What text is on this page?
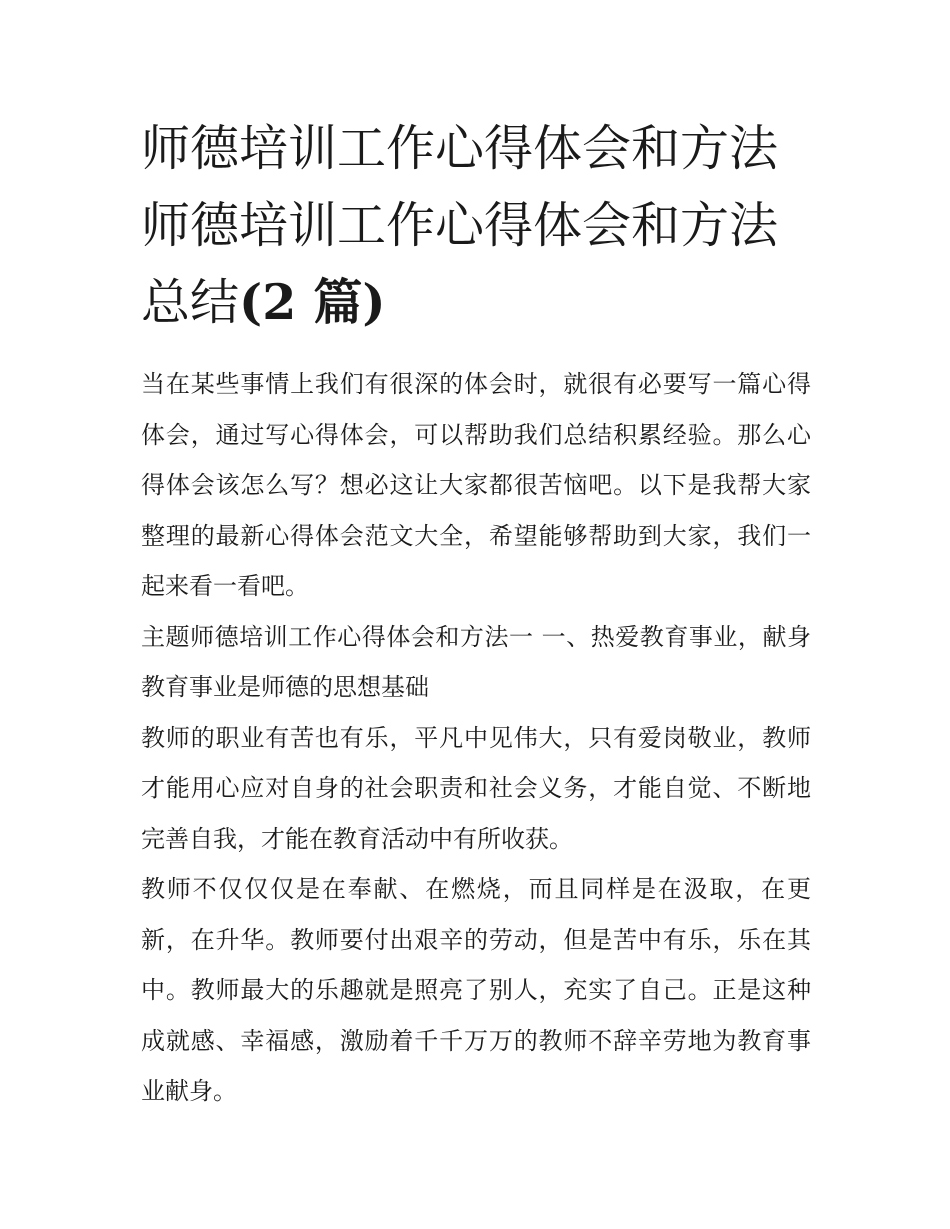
师德培训工作心得体会和方法
师德培训工作心得体会和方法
总结(2 篇)

当在某些事情上我们有很深的体会时，就很有必要写一篇心得体会，通过写心得体会，可以帮助我们总结积累经验。那么心得体会该怎么写？想必这让大家都很苦恼吧。以下是我帮大家整理的最新心得体会范文大全，希望能够帮助到大家，我们一起来看一看吧。

主题师德培训工作心得体会和方法一 一、热爱教育事业，献身教育事业是师德的思想基础

教师的职业有苦也有乐，平凡中见伟大，只有爱岗敬业，教师才能用心应对自身的社会职责和社会义务，才能自觉、不断地完善自我，才能在教育活动中有所收获。

教师不仅仅仅是在奉献、在燃烧，而且同样是在汲取，在更新，在升华。教师要付出艰辛的劳动，但是苦中有乐，乐在其中。教师最大的乐趣就是照亮了别人，充实了自己。正是这种成就感、幸福感，激励着千千万万的教师不辞辛劳地为教育事业献身。
